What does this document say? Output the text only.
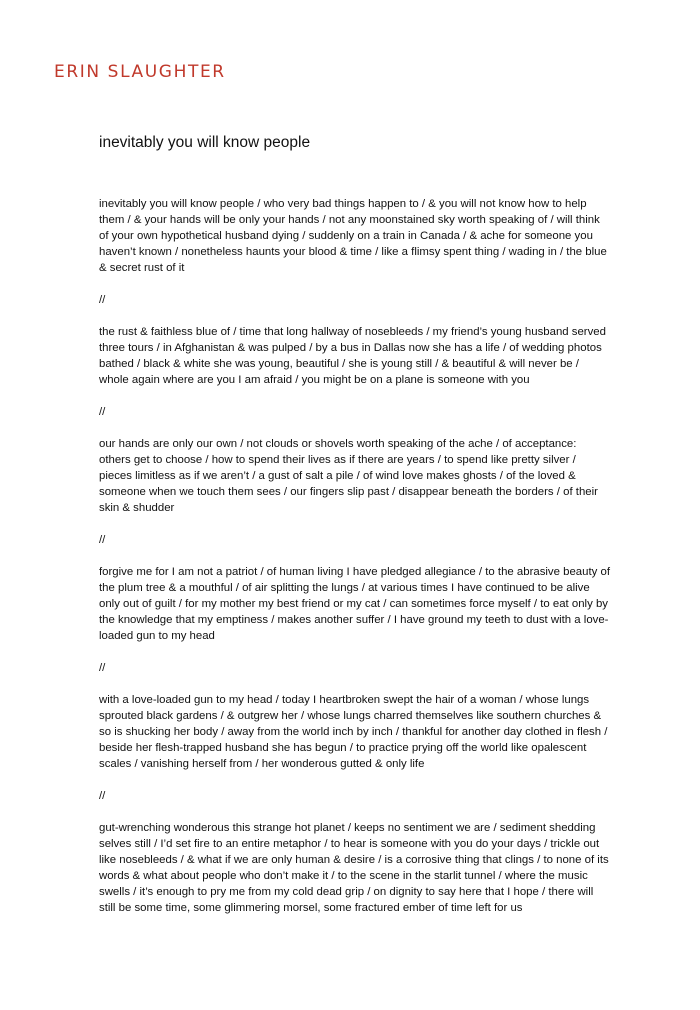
ERIN SLAUGHTER
inevitably you will know people

inevitably you will know people / who very bad things happen to / & you will not know how to help them / & your hands will be only your hands / not any moonstained sky worth speaking of / will think of your own hypothetical husband dying / suddenly on a train in Canada / & ache for someone you haven’t known / nonetheless haunts your blood & time / like a flimsy spent thing / wading in / the blue & secret rust of it

//

the rust & faithless blue of / time that long hallway of nosebleeds / my friend’s young husband served three tours / in Afghanistan & was pulped / by a bus in Dallas now she has a life / of wedding photos bathed / black & white she was young, beautiful / she is young still / & beautiful & will never be / whole again where are you I am afraid / you might be on a plane is someone with you

//

our hands are only our own / not clouds or shovels worth speaking of the ache / of acceptance: others get to choose / how to spend their lives as if there are years / to spend like pretty silver / pieces limitless as if we aren’t / a gust of salt a pile / of wind love makes ghosts / of the loved & someone when we touch them sees / our fingers slip past / disappear beneath the borders / of their skin & shudder

//

forgive me for I am not a patriot / of human living I have pledged allegiance / to the abrasive beauty of the plum tree & a mouthful / of air splitting the lungs / at various times I have continued to be alive only out of guilt / for my mother my best friend or my cat / can sometimes force myself / to eat only by the knowledge that my emptiness / makes another suffer / I have ground my teeth to dust with a love-loaded gun to my head

//

with a love-loaded gun to my head / today I heartbroken swept the hair of a woman / whose lungs sprouted black gardens / & outgrew her / whose lungs charred themselves like southern churches & so is shucking her body / away from the world inch by inch / thankful for another day clothed in flesh / beside her flesh-trapped husband she has begun / to practice prying off the world like opalescent scales / vanishing herself from / her wonderous gutted & only life

//

gut-wrenching wonderous this strange hot planet / keeps no sentiment we are / sediment shedding selves still / I’d set fire to an entire metaphor / to hear is someone with you do your days / trickle out like nosebleeds / & what if we are only human & desire / is a corrosive thing that clings / to none of its words & what about people who don’t make it / to the scene in the starlit tunnel / where the music swells / it’s enough to pry me from my cold dead grip / on dignity to say here that I hope / there will still be some time, some glimmering morsel, some fractured ember of time left for us
